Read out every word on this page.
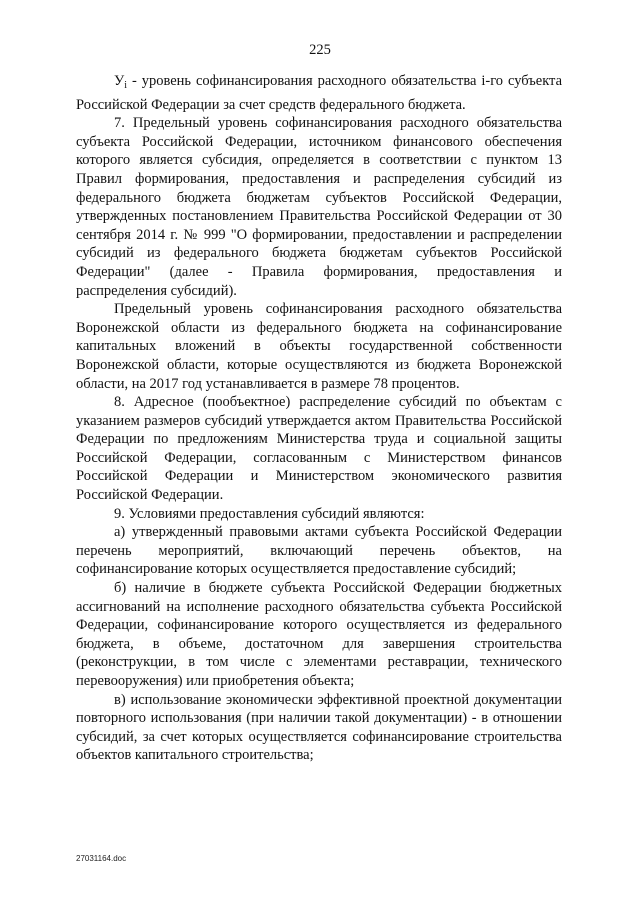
225

$У_i$ - уровень софинансирования расходного обязательства i-го субъекта Российской Федерации за счет средств федерального бюджета.

7. Предельный уровень софинансирования расходного обязательства субъекта Российской Федерации, источником финансового обеспечения которого является субсидия, определяется в соответствии с пунктом 13 Правил формирования, предоставления и распределения субсидий из федерального бюджета бюджетам субъектов Российской Федерации, утвержденных постановлением Правительства Российской Федерации от 30 сентября 2014 г. № 999 "О формировании, предоставлении и распределении субсидий из федерального бюджета бюджетам субъектов Российской Федерации" (далее - Правила формирования, предоставления и распределения субсидий).

Предельный уровень софинансирования расходного обязательства Воронежской области из федерального бюджета на софинансирование капитальных вложений в объекты государственной собственности Воронежской области, которые осуществляются из бюджета Воронежской области, на 2017 год устанавливается в размере 78 процентов.

8. Адресное (пообъектное) распределение субсидий по объектам с указанием размеров субсидий утверждается актом Правительства Российской Федерации по предложениям Министерства труда и социальной защиты Российской Федерации, согласованным с Министерством финансов Российской Федерации и Министерством экономического развития Российской Федерации.

9. Условиями предоставления субсидий являются:

а) утвержденный правовыми актами субъекта Российской Федерации перечень мероприятий, включающий перечень объектов, на софинансирование которых осуществляется предоставление субсидий;

б) наличие в бюджете субъекта Российской Федерации бюджетных ассигнований на исполнение расходного обязательства субъекта Российской Федерации, софинансирование которого осуществляется из федерального бюджета, в объеме, достаточном для завершения строительства (реконструкции, в том числе с элементами реставрации, технического перевооружения) или приобретения объекта;

в) использование экономически эффективной проектной документации повторного использования (при наличии такой документации) - в отношении субсидий, за счет которых осуществляется софинансирование строительства объектов капитального строительства;

27031164.doc
